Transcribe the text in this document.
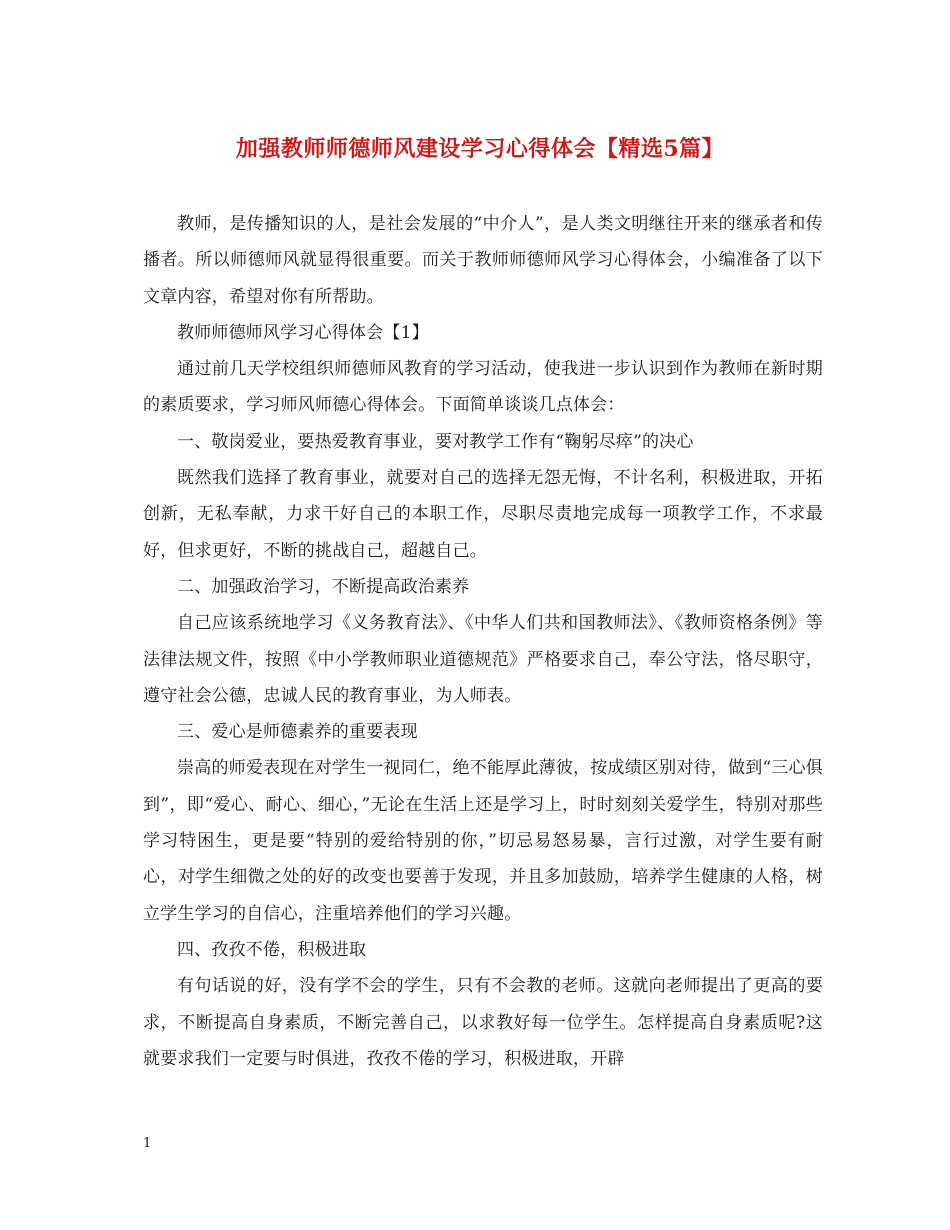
加强教师师德师风建设学习心得体会【精选5篇】

教师，是传播知识的人，是社会发展的“中介人”，是人类文明继往开来的继承者和传播者。所以师德师风就显得很重要。而关于教师师德师风学习心得体会，小编准备了以下文章内容，希望对你有所帮助。

教师师德师风学习心得体会【1】

通过前几天学校组织师德师风教育的学习活动，使我进一步认识到作为教师在新时期的素质要求，学习师风师德心得体会。下面简单谈谈几点体会：

一、敬岗爱业，要热爱教育事业，要对教学工作有“鞠躬尽瘁”的决心

既然我们选择了教育事业，就要对自己的选择无怨无悔，不计名利，积极进取，开拓创新，无私奉献，力求干好自己的本职工作，尽职尽责地完成每一项教学工作，不求最好，但求更好，不断的挑战自己，超越自己。

二、加强政治学习，不断提高政治素养

自己应该系统地学习《义务教育法》、《中华人们共和国教师法》、《教师资格条例》等法律法规文件，按照《中小学教师职业道德规范》严格要求自己，奉公守法，恪尽职守，遵守社会公德，忠诚人民的教育事业，为人师表。

三、爱心是师德素养的重要表现

崇高的师爱表现在对学生一视同仁，绝不能厚此薄彼，按成绩区别对待，做到“三心俱到”，即“爱心、耐心、细心，”无论在生活上还是学习上，时时刻刻关爱学生，特别对那些学习特困生，更是要“特别的爱给特别的你，”切忌易怒易暴，言行过激，对学生要有耐心，对学生细微之处的好的改变也要善于发现，并且多加鼓励，培养学生健康的人格，树立学生学习的自信心，注重培养他们的学习兴趣。

四、孜孜不倦，积极进取

有句话说的好，没有学不会的学生，只有不会教的老师。这就向老师提出了更高的要求，不断提高自身素质，不断完善自己，以求教好每一位学生。怎样提高自身素质呢?这就要求我们一定要与时俱进，孜孜不倦的学习，积极进取，开辟

1
